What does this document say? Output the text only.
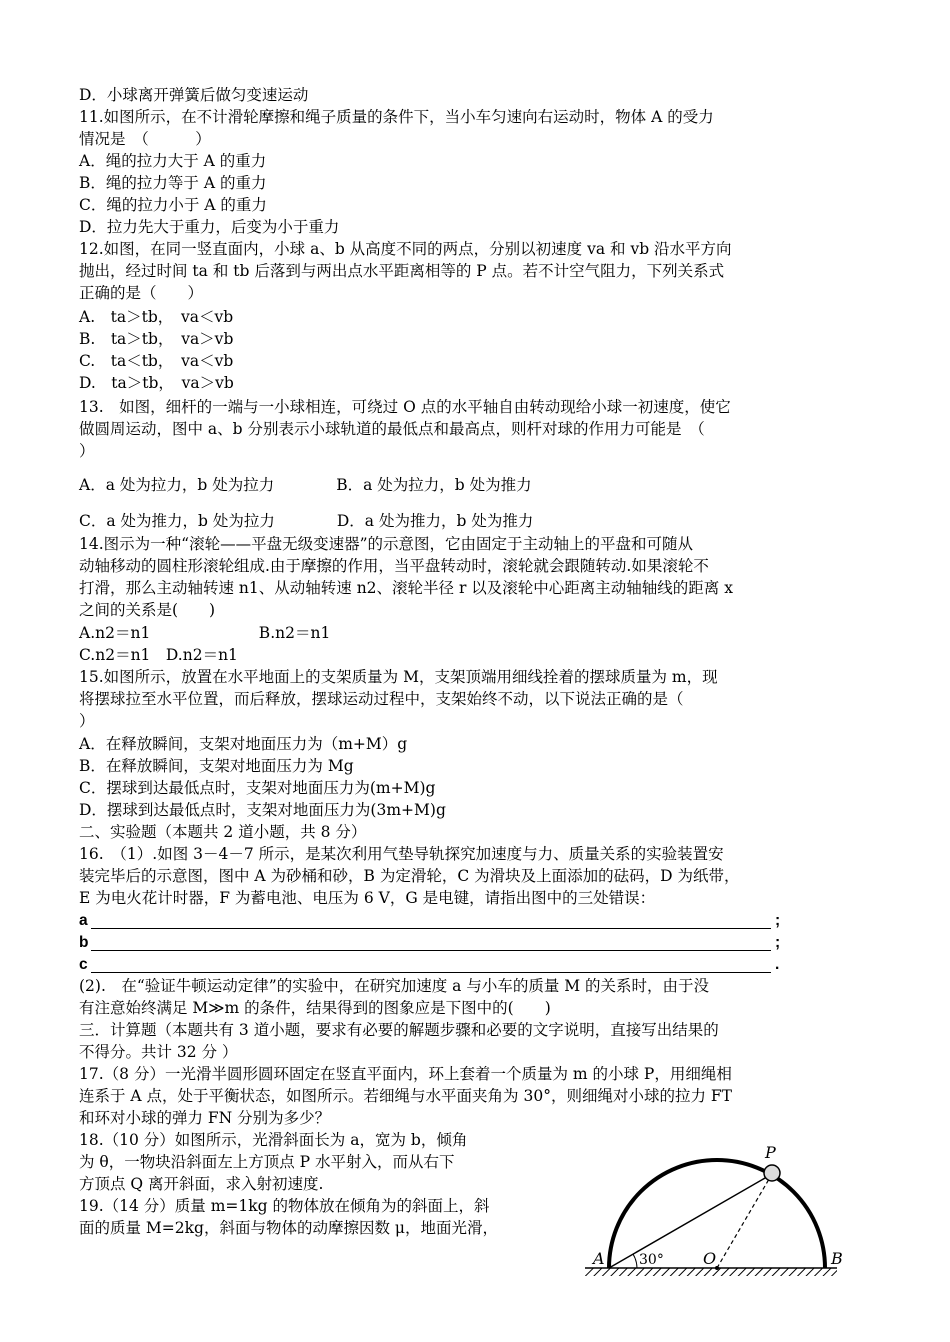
D．小球离开弹簧后做匀变速运动
11.如图所示，在不计滑轮摩擦和绳子质量的条件下，当小车匀速向右运动时，物体 A 的受力
情况是　（　　　）
A．绳的拉力大于 A 的重力
B．绳的拉力等于 A 的重力
C．绳的拉力小于 A 的重力
D．拉力先大于重力，后变为小于重力
12.如图，在同一竖直面内，小球 a、b 从高度不同的两点，分别以初速度 va 和 vb 沿水平方向
抛出，经过时间 ta 和 tb 后落到与两出点水平距离相等的 P 点。若不计空气阻力，下列关系式
正确的是（　　）
A.　ta＞tb，　va＜vb
B.　ta＞tb，　va＞vb
C.　ta＜tb，　va＜vb
D.　ta＞tb，　va＞vb
13.　如图，细杆的一端与一小球相连，可绕过 O 点的水平轴自由转动现给小球一初速度，使它
做圆周运动，图中 a、b 分别表示小球轨道的最低点和最高点，则杆对球的作用力可能是　（
）
A．a 处为拉力，b 处为拉力　　　　B．a 处为拉力，b 处为推力
C．a 处为推力，b 处为拉力　　　　D．a 处为推力，b 处为推力
14.图示为一种“滚轮——平盘无级变速器”的示意图，它由固定于主动轴上的平盘和可随从
动轴移动的圆柱形滚轮组成.由于摩擦的作用，当平盘转动时，滚轮就会跟随转动.如果滚轮不
打滑，那么主动轴转速 n1、从动轴转速 n2、滚轮半径 r 以及滚轮中心距离主动轴轴线的距离 x
之间的关系是(　　)
A.n2＝n1　　　　　　　B.n2＝n1
C.n2＝n1　D.n2＝n1
15.如图所示，放置在水平地面上的支架质量为 M，支架顶端用细线拴着的摆球质量为 m，现
将摆球拉至水平位置，而后释放，摆球运动过程中，支架始终不动，以下说法正确的是（
）
A．在释放瞬间，支架对地面压力为（m+M）g
B．在释放瞬间，支架对地面压力为 Mg
C．摆球到达最低点时，支架对地面压力为(m+M)g
D．摆球到达最低点时，支架对地面压力为(3m+M)g
二、实验题（本题共 2 道小题，共 8 分）
16.　（1）.如图 3－4－7 所示，是某次利用气垫导轨探究加速度与力、质量关系的实验装置安
装完毕后的示意图，图中 A 为砂桶和砂，B 为定滑轮，C 为滑块及上面添加的砝码，D 为纸带，
E 为电火花计时器，F 为蓄电池、电压为 6 V，G 是电键，请指出图中的三处错误：
a	;
b	;
c	.
(2).　在“验证牛顿运动定律”的实验中，在研究加速度 a 与小车的质量 M 的关系时，由于没
有注意始终满足 M≫m 的条件，结果得到的图象应是下图中的(　　)
三．计算题（本题共有 3 道小题，要求有必要的解题步骤和必要的文字说明，直接写出结果的
不得分。共计 32 分 ）
17.（8 分）一光滑半圆形圆环固定在竖直平面内，环上套着一个质量为 m 的小球 P，用细绳相
连系于 A 点，处于平衡状态，如图所示。若细绳与水平面夹角为 30°，则细绳对小球的拉力 FT
和环对小球的弹力 FN 分别为多少？
18.（10 分）如图所示，光滑斜面长为 a，宽为 b，倾角
为 θ，一物块沿斜面左上方顶点 P 水平射入，而从右下
方顶点 Q 离开斜面，求入射初速度.
19.（14 分）质量 m=1kg 的物体放在倾角为的斜面上，斜
面的质量 M=2kg，斜面与物体的动摩擦因数 μ，地面光滑，
P
A	O	B
30°
